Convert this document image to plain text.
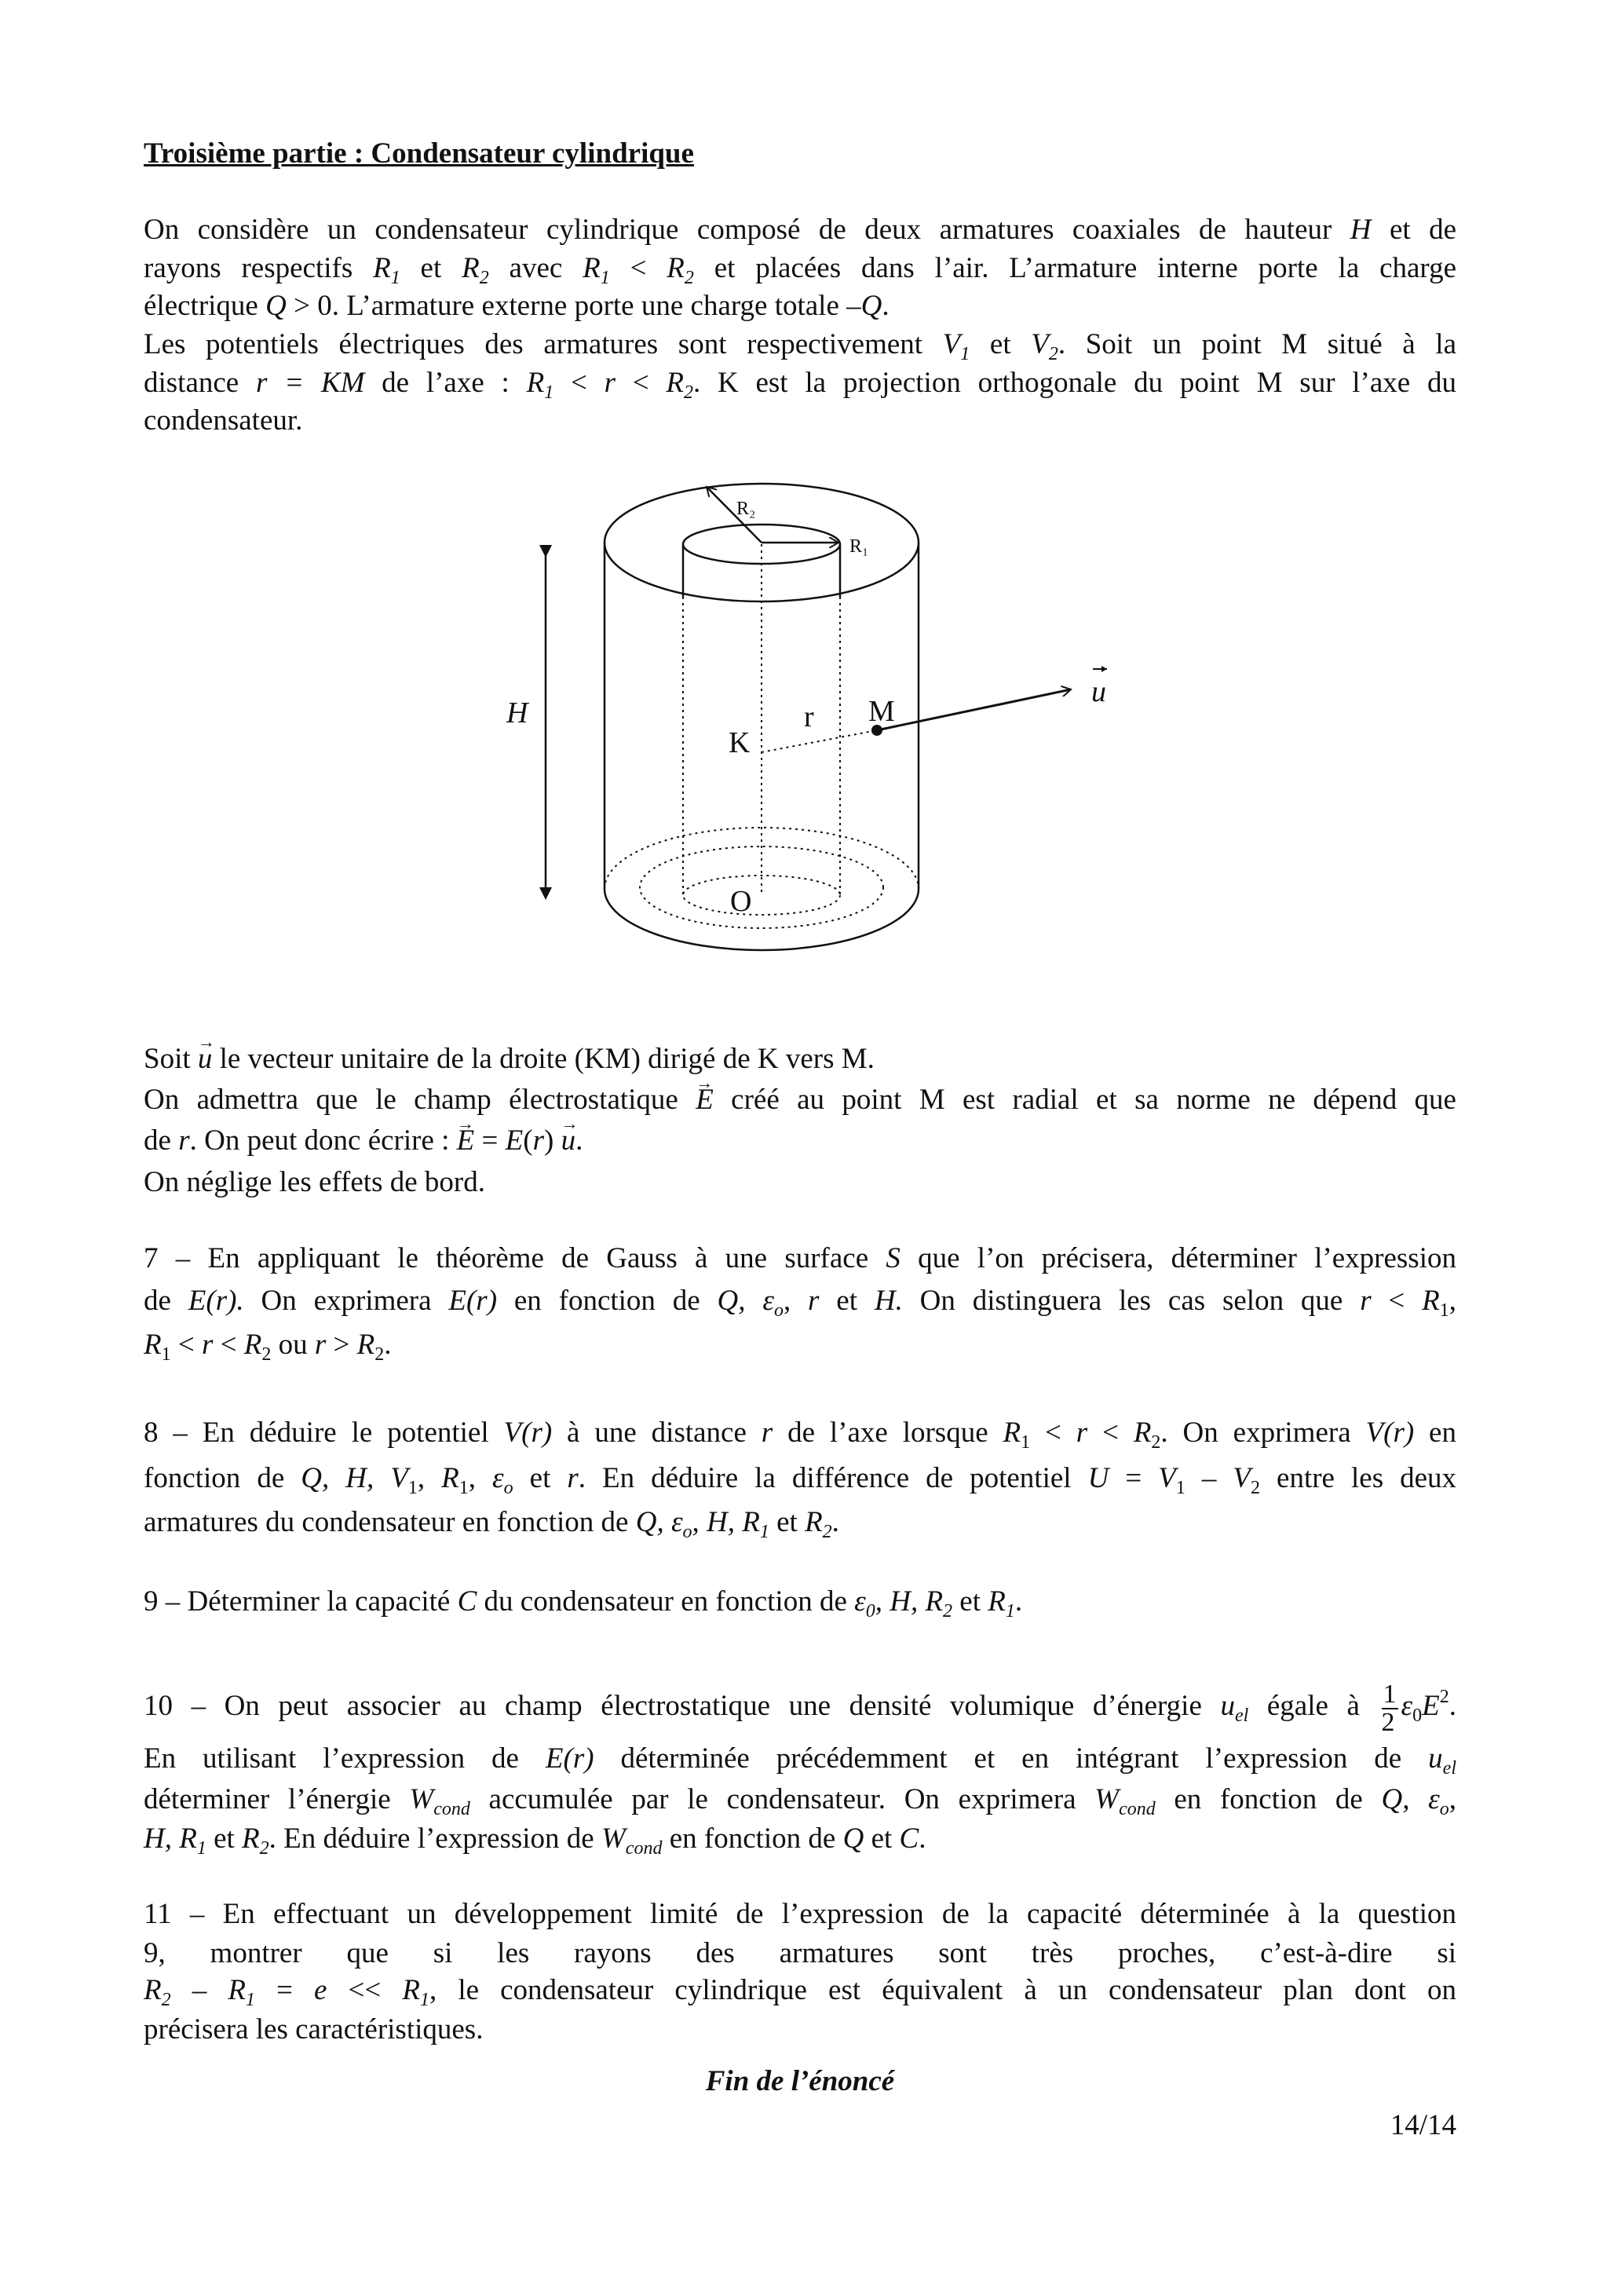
Troisième partie : Condensateur cylindrique
On considère un condensateur cylindrique composé de deux armatures coaxiales de hauteur H et de
rayons respectifs $R_1$ et $R_2$ avec $R_1 < R_2$ et placées dans l’air. L’armature interne porte la charge
électrique Q > 0. L’armature externe porte une charge totale –Q.
Les potentiels électriques des armatures sont respectivement $V_1$ et $V_2$. Soit un point M situé à la
distance r = KM de l’axe : $R_1 < r < R_2$. K est la projection orthogonale du point M sur l’axe du
condensateur.
R₂
R₁
H
K
r M
u
O
Soit → u le vecteur unitaire de la droite (KM) dirigé de K vers M.
On admettra que le champ électrostatique → E créé au point M est radial et sa norme ne dépend que
de r. On peut donc écrire : → E = E(r) → u.
On néglige les effets de bord.
7 – En appliquant le théorème de Gauss à une surface S que l’on précisera, déterminer l’expression
de E(r). On exprimera E(r) en fonction de Q, $\varepsilon_o$, r et H. On distinguera les cas selon que $r < R_1$,
$R_1 < r < R_2$ ou $r > R_2$.
8 – En déduire le potentiel V(r) à une distance r de l’axe lorsque $R_1 < r < R_2$. On exprimera V(r) en
fonction de Q, H, $V_1$, $R_1$, $\varepsilon_o$ et r. En déduire la différence de potentiel $U = V_1 - V_2$ entre les deux
armatures du condensateur en fonction de Q, $\varepsilon_o$, H, $R_1$ et $R_2$.
9 – Déterminer la capacité C du condensateur en fonction de $\varepsilon_0$, H, $R_2$ et $R_1$.
10 – On peut associer au champ électrostatique une densité volumique d’énergie $u_{el}$ égale à $\frac{1}{2} \varepsilon_0E^2$.
En utilisant l’expression de E(r) déterminée précédemment et en intégrant l’expression de $u_{el}$
déterminer l’énergie $W_{cond}$ accumulée par le condensateur. On exprimera $W_{cond}$ en fonction de Q, $\varepsilon_o$,
H, $R_1$ et $R_2$. En déduire l’expression de $W_{cond}$ en fonction de Q et C.
11 – En effectuant un développement limité de l’expression de la capacité déterminée à la question
9, montrer que si les rayons des armatures sont très proches, c’est-à-dire si
$R_2 - R_1 = e << R_1$, le condensateur cylindrique est équivalent à un condensateur plan dont on
précisera les caractéristiques.
Fin de l’énoncé
14/14
